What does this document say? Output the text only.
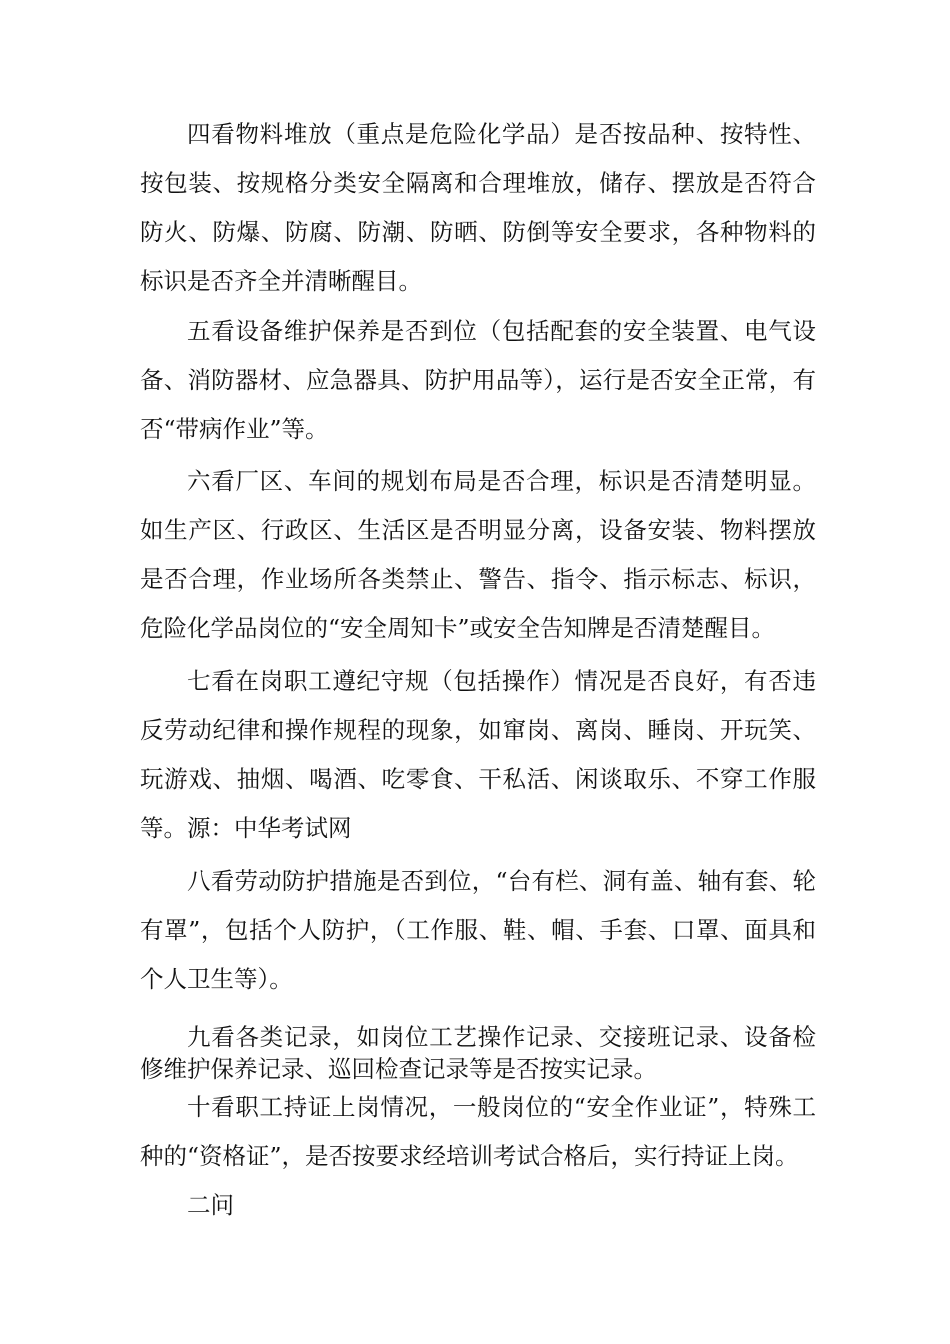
四看物料堆放（重点是危险化学品）是否按品种、按特性、按包装、按规格分类安全隔离和合理堆放，储存、摆放是否符合防火、防爆、防腐、防潮、防晒、防倒等安全要求，各种物料的标识是否齐全并清晰醒目。

五看设备维护保养是否到位（包括配套的安全装置、电气设备、消防器材、应急器具、防护用品等），运行是否安全正常，有否“带病作业”等。

六看厂区、车间的规划布局是否合理，标识是否清楚明显。如生产区、行政区、生活区是否明显分离，设备安装、物料摆放是否合理，作业场所各类禁止、警告、指令、指示标志、标识，危险化学品岗位的“安全周知卡”或安全告知牌是否清楚醒目。

七看在岗职工遵纪守规（包括操作）情况是否良好，有否违反劳动纪律和操作规程的现象，如窜岗、离岗、睡岗、开玩笑、玩游戏、抽烟、喝酒、吃零食、干私活、闲谈取乐、不穿工作服等。源：中华考试网

八看劳动防护措施是否到位，“台有栏、洞有盖、轴有套、轮有罩”，包括个人防护，（工作服、鞋、帽、手套、口罩、面具和个人卫生等）。

九看各类记录，如岗位工艺操作记录、交接班记录、设备检修维护保养记录、巡回检查记录等是否按实记录。

十看职工持证上岗情况，一般岗位的“安全作业证”，特殊工种的“资格证”，是否按要求经培训考试合格后，实行持证上岗。

二问
